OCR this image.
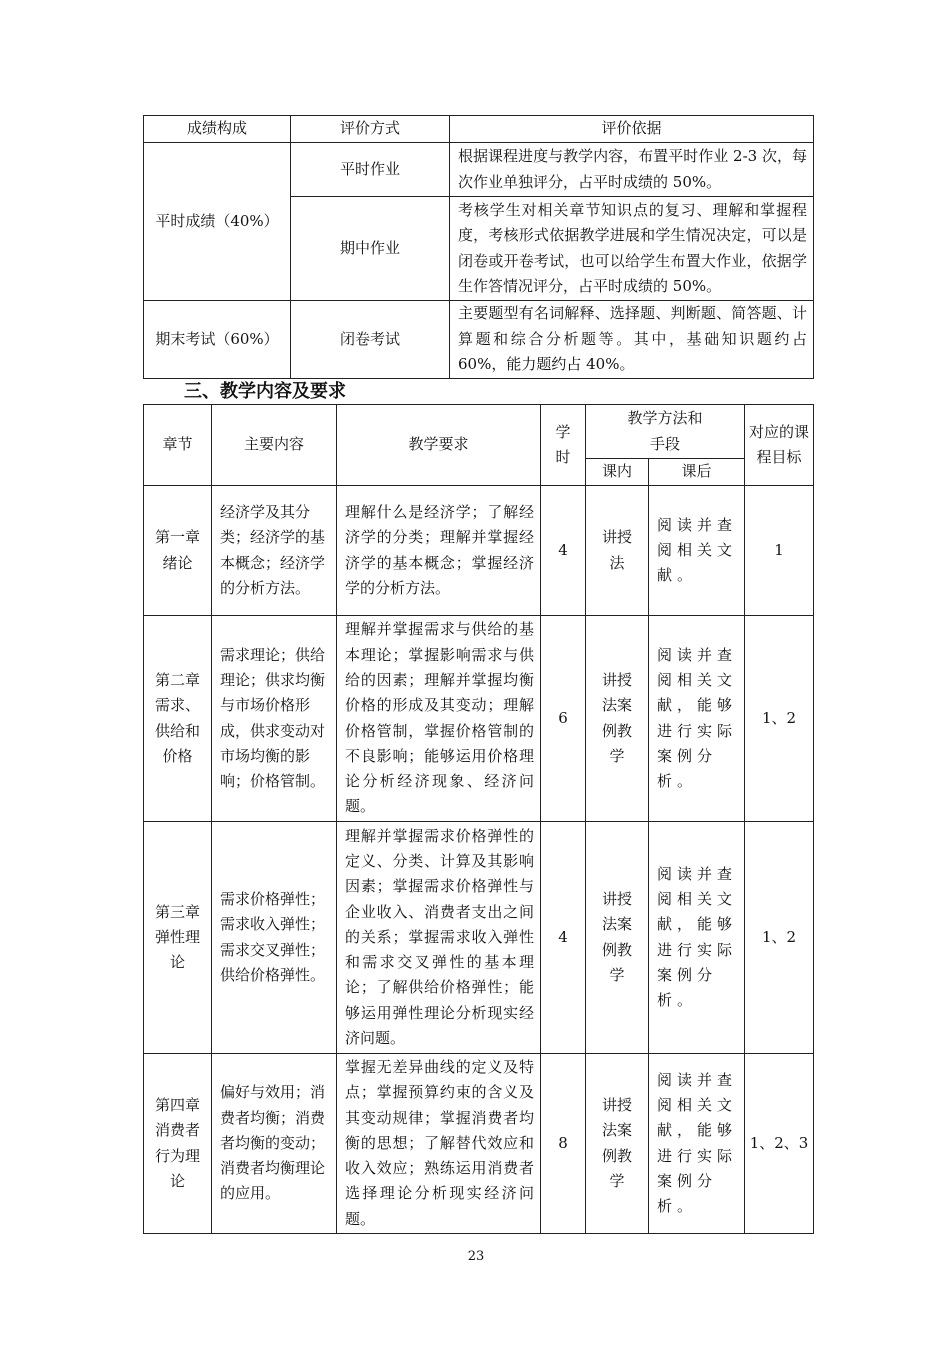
成绩构成	评价方式	评价依据
平时成绩（40%）	平时作业	根据课程进度与教学内容，布置平时作业 2-3 次，每次作业单独评分，占平时成绩的 50%。
	期中作业	考核学生对相关章节知识点的复习、理解和掌握程度，考核形式依据教学进展和学生情况决定，可以是闭卷或开卷考试，也可以给学生布置大作业，依据学生作答情况评分，占平时成绩的 50%。
期末考试（60%）	闭卷考试	主要题型有名词解释、选择题、判断题、简答题、计算题和综合分析题等。其中，基础知识题约占 60%，能力题约占 40%。
三、教学内容及要求
章节	主要内容	教学要求	学时	教学方法和手段		对应的课程目标
				课内	课后	
第一章绪论	经济学及其分类；经济学的基本概念；经济学的分析方法。	理解什么是经济学；了解经济学的分类；理解并掌握经济学的基本概念；掌握经济学的分析方法。	4	讲授法	阅读并查阅相关文献。	1
第二章需求、供给和价格	需求理论；供给理论；供求均衡与市场价格形成，供求变动对市场均衡的影响；价格管制。	理解并掌握需求与供给的基本理论；掌握影响需求与供给的因素；理解并掌握均衡价格的形成及其变动；理解价格管制，掌握价格管制的不良影响；能够运用价格理论分析经济现象、经济问题。	6	讲授法案例教学	阅读并查阅相关文献，能够进行实际案例分析。	1、2
第三章弹性理论	需求价格弹性；需求收入弹性；需求交叉弹性；供给价格弹性。	理解并掌握需求价格弹性的定义、分类、计算及其影响因素；掌握需求价格弹性与企业收入、消费者支出之间的关系；掌握需求收入弹性和需求交叉弹性的基本理论；了解供给价格弹性；能够运用弹性理论分析现实经济问题。	4	讲授法案例教学	阅读并查阅相关文献，能够进行实际案例分析。	1、2
第四章消费者行为理论	偏好与效用；消费者均衡；消费者均衡的变动；消费者均衡理论的应用。	掌握无差异曲线的定义及特点；掌握预算约束的含义及其变动规律；掌握消费者均衡的思想；了解替代效应和收入效应；熟练运用消费者选择理论分析现实经济问题。	8	讲授法案例教学	阅读并查阅相关文献，能够进行实际案例分析。	1、2、3
23
